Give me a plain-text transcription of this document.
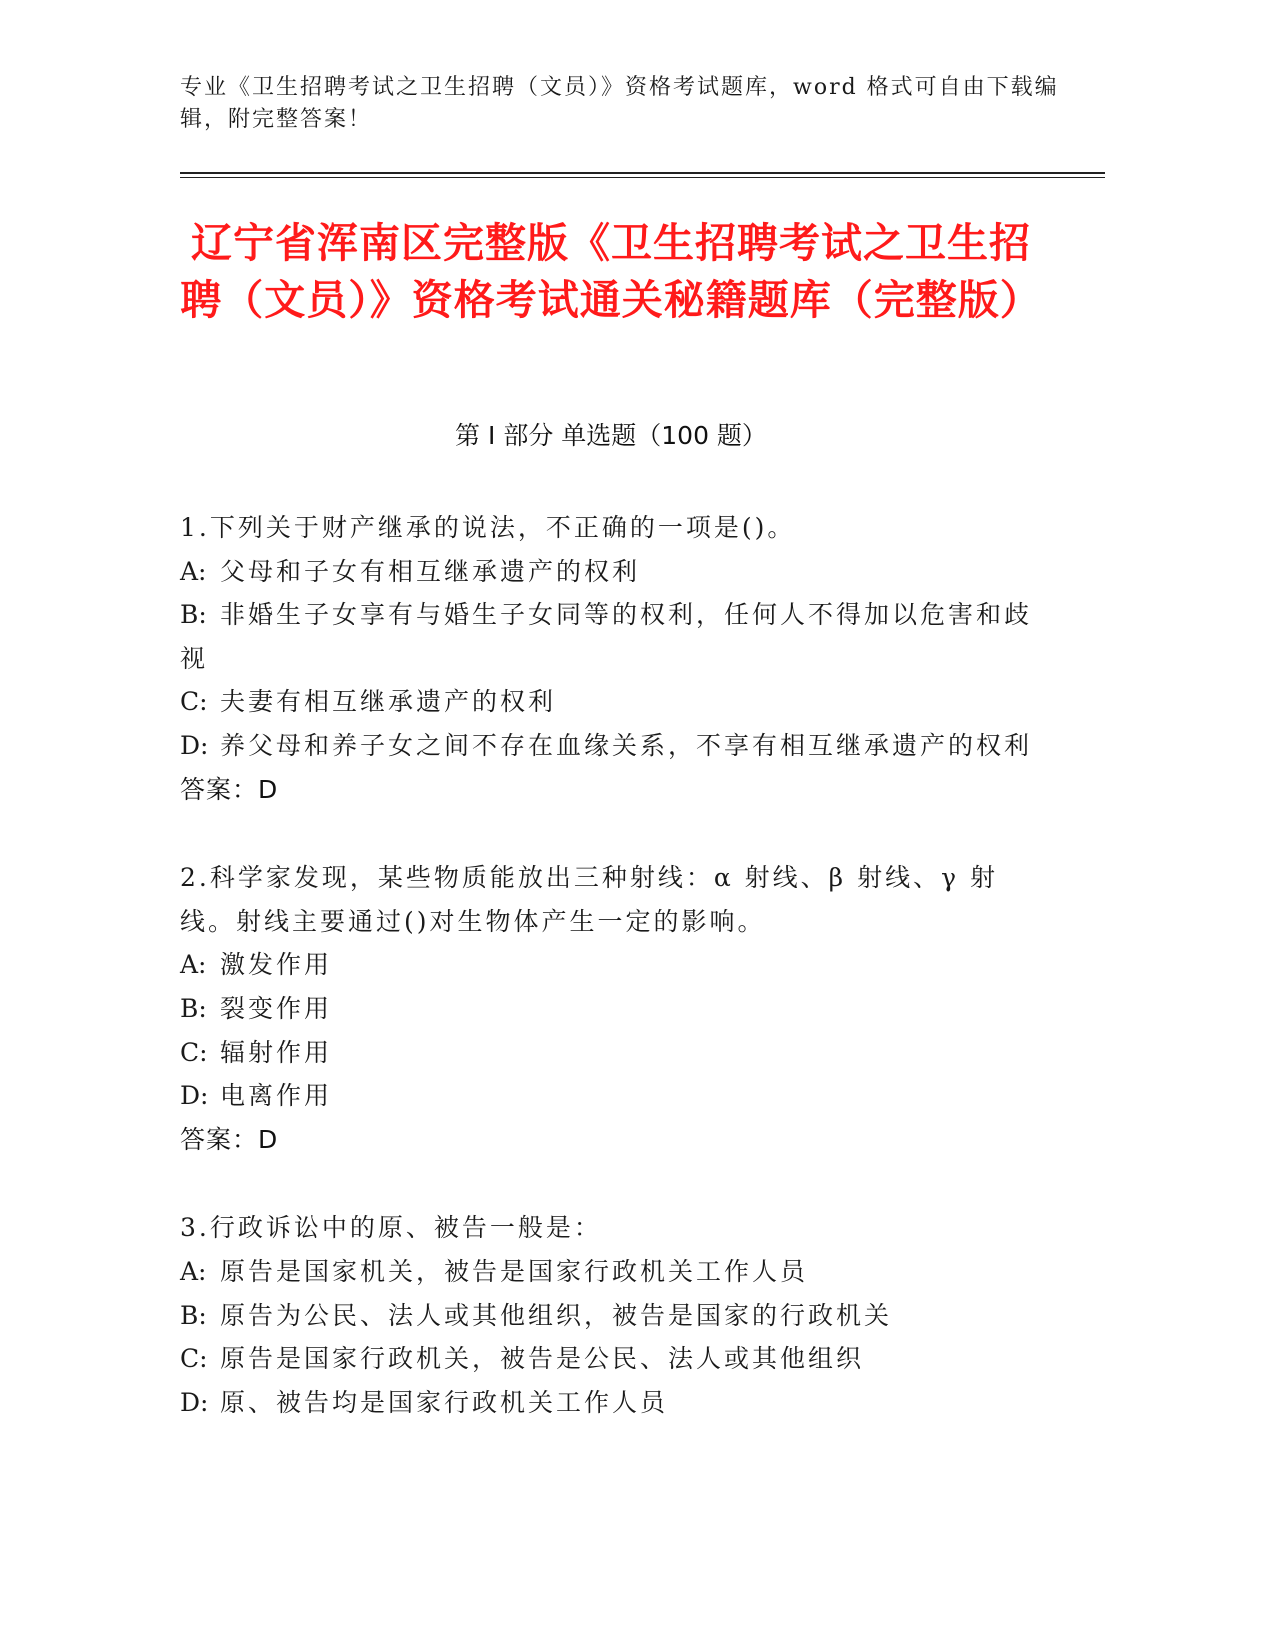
专业《卫生招聘考试之卫生招聘（文员）》资格考试题库，word 格式可自由下载编辑，附完整答案！
辽宁省浑南区完整版《卫生招聘考试之卫生招聘（文员）》资格考试通关秘籍题库（完整版）
第 I 部分 单选题（100 题）

1.下列关于财产继承的说法，不正确的一项是()。

A: 父母和子女有相互继承遗产的权利

B: 非婚生子女享有与婚生子女同等的权利，任何人不得加以危害和歧视

C: 夫妻有相互继承遗产的权利

D: 养父母和养子女之间不存在血缘关系，不享有相互继承遗产的权利

答案：D

2.科学家发现，某些物质能放出三种射线：α 射线、β 射线、γ 射线。射线主要通过()对生物体产生一定的影响。

A: 激发作用

B: 裂变作用

C: 辐射作用

D: 电离作用

答案：D

3.行政诉讼中的原、被告一般是：

A: 原告是国家机关，被告是国家行政机关工作人员

B: 原告为公民、法人或其他组织，被告是国家的行政机关

C: 原告是国家行政机关，被告是公民、法人或其他组织

D: 原、被告均是国家行政机关工作人员
